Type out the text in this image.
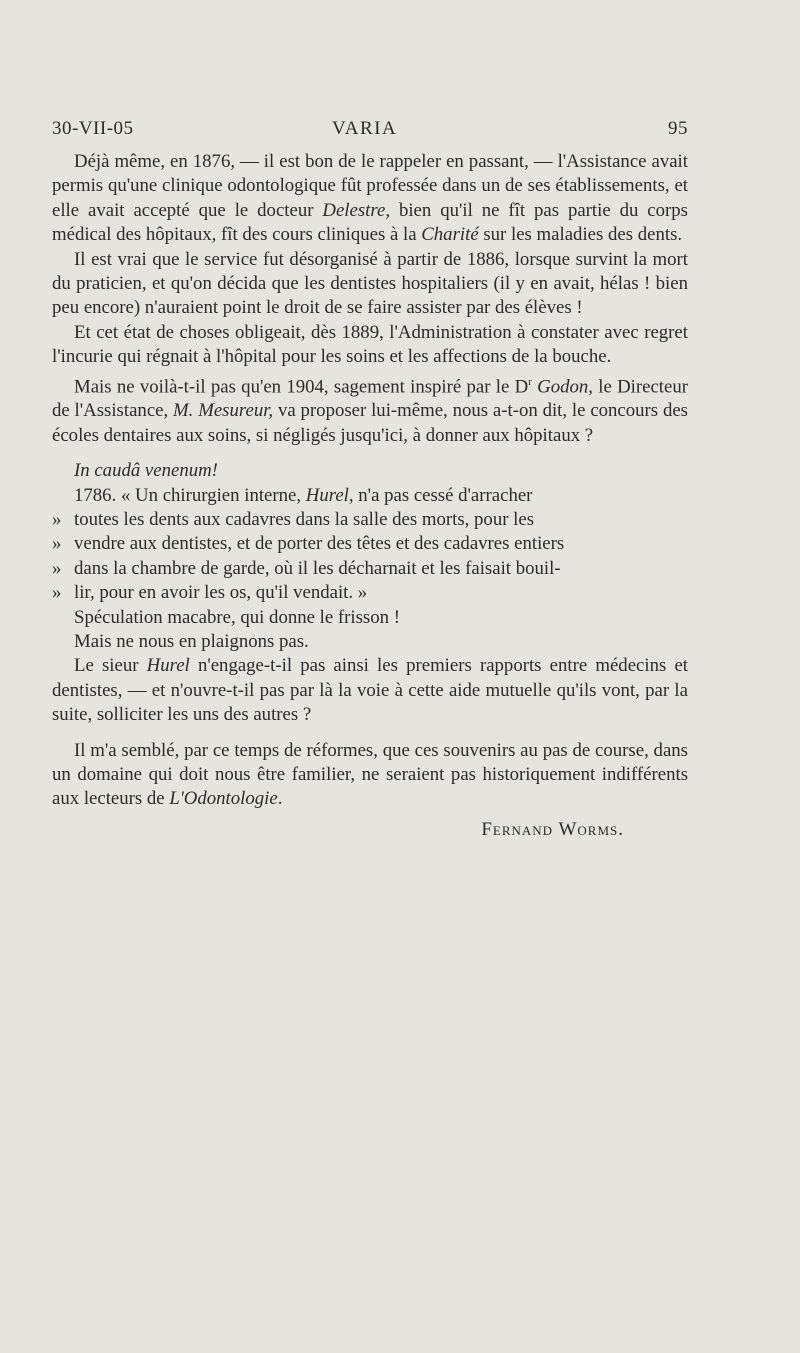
30-VII-05	VARIA	95

Déjà même, en 1876, — il est bon de le rappeler en passant, — l'Assistance avait permis qu'une clinique odontologique fût professée dans un de ses établissements, et elle avait accepté que le docteur Delestre, bien qu'il ne fît pas partie du corps médical des hôpitaux, fît des cours cliniques à la Charité sur les maladies des dents.

Il est vrai que le service fut désorganisé à partir de 1886, lorsque survint la mort du praticien, et qu'on décida que les dentistes hospitaliers (il y en avait, hélas ! bien peu encore) n'auraient point le droit de se faire assister par des élèves !

Et cet état de choses obligeait, dès 1889, l'Administration à constater avec regret l'incurie qui régnait à l'hôpital pour les soins et les affections de la bouche.

Mais ne voilà-t-il pas qu'en 1904, sagement inspiré par le $D^r$ Godon, le Directeur de l'Assistance, M. Mesureur, va proposer lui-même, nous a-t-on dit, le concours des écoles dentaires aux soins, si négligés jusqu'ici, à donner aux hôpitaux ?

In caudâ venenum!

1786. « Un chirurgien interne, Hurel, n'a pas cessé d'arracher

» toutes les dents aux cadavres dans la salle des morts, pour les

» vendre aux dentistes, et de porter des têtes et des cadavres entiers

» dans la chambre de garde, où il les décharnait et les faisait bouil-

» lir, pour en avoir les os, qu'il vendait. »

Spéculation macabre, qui donne le frisson !

Mais ne nous en plaignons pas.

Le sieur Hurel n'engage-t-il pas ainsi les premiers rapports entre médecins et dentistes, — et n'ouvre-t-il pas par là la voie à cette aide mutuelle qu'ils vont, par la suite, solliciter les uns des autres ?

Il m'a semblé, par ce temps de réformes, que ces souvenirs au pas de course, dans un domaine qui doit nous être familier, ne seraient pas historiquement indifférents aux lecteurs de L'Odontologie.

Fernand Worms.
